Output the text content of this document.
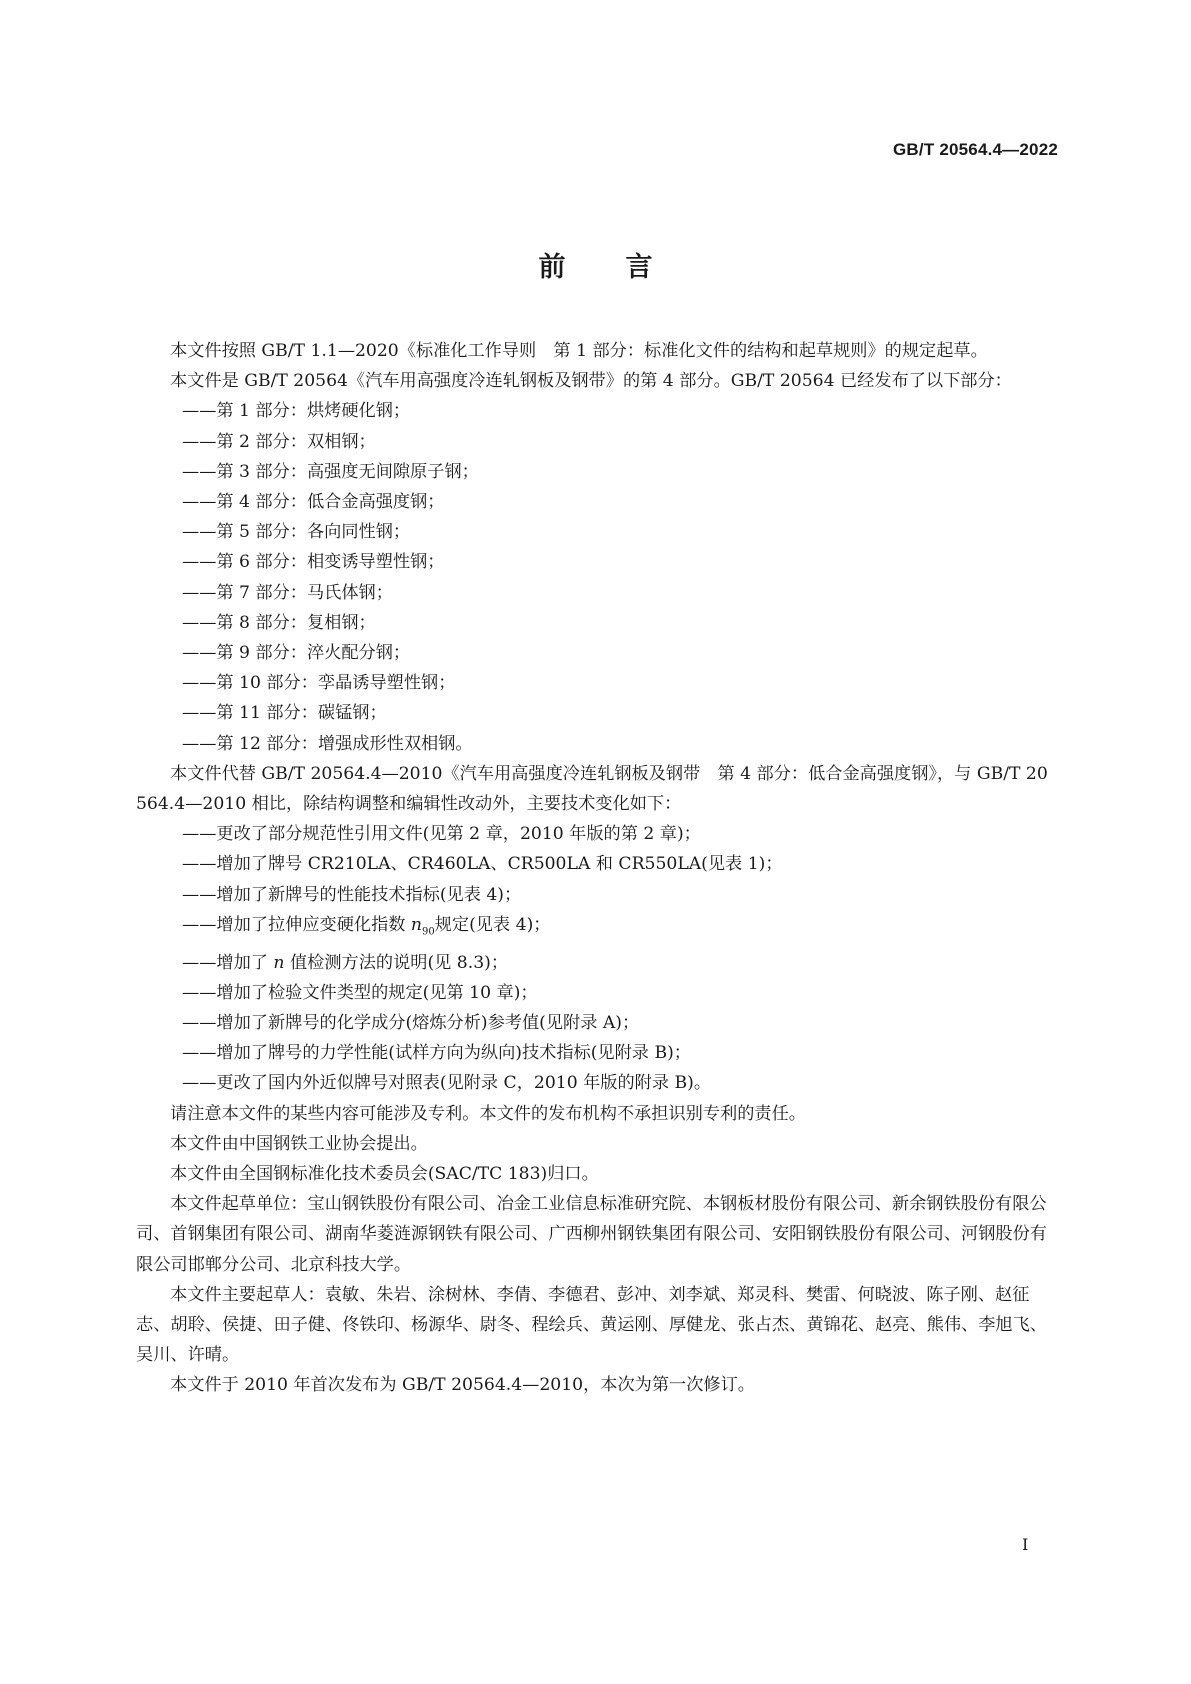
GB/T 20564.4—2022
前言

本文件按照 GB/T 1.1—2020《标准化工作导则　第 1 部分：标准化文件的结构和起草规则》的规定起草。

本文件是 GB/T 20564《汽车用高强度冷连轧钢板及钢带》的第 4 部分。GB/T 20564 已经发布了以下部分：

——第 1 部分：烘烤硬化钢；

——第 2 部分：双相钢；

——第 3 部分：高强度无间隙原子钢；

——第 4 部分：低合金高强度钢；

——第 5 部分：各向同性钢；

——第 6 部分：相变诱导塑性钢；

——第 7 部分：马氏体钢；

——第 8 部分：复相钢；

——第 9 部分：淬火配分钢；

——第 10 部分：孪晶诱导塑性钢；

——第 11 部分：碳锰钢；

——第 12 部分：增强成形性双相钢。

本文件代替 GB/T 20564.4—2010《汽车用高强度冷连轧钢板及钢带　第 4 部分：低合金高强度钢》，与 GB/T 20564.4—2010 相比，除结构调整和编辑性改动外，主要技术变化如下：

——更改了部分规范性引用文件(见第 2 章，2010 年版的第 2 章)；

——增加了牌号 CR210LA、CR460LA、CR500LA 和 CR550LA(见表 1)；

——增加了新牌号的性能技术指标(见表 4)；

——增加了拉伸应变硬化指数 $n_{90}$规定(见表 4)；

——增加了 n 值检测方法的说明(见 8.3)；

——增加了检验文件类型的规定(见第 10 章)；

——增加了新牌号的化学成分(熔炼分析)参考值(见附录 A)；

——增加了牌号的力学性能(试样方向为纵向)技术指标(见附录 B)；

——更改了国内外近似牌号对照表(见附录 C，2010 年版的附录 B)。

请注意本文件的某些内容可能涉及专利。本文件的发布机构不承担识别专利的责任。

本文件由中国钢铁工业协会提出。

本文件由全国钢标准化技术委员会(SAC/TC 183)归口。

本文件起草单位：宝山钢铁股份有限公司、冶金工业信息标准研究院、本钢板材股份有限公司、新余钢铁股份有限公司、首钢集团有限公司、湖南华菱涟源钢铁有限公司、广西柳州钢铁集团有限公司、安阳钢铁股份有限公司、河钢股份有限公司邯郸分公司、北京科技大学。

本文件主要起草人：袁敏、朱岩、涂树林、李倩、李德君、彭冲、刘李斌、郑灵科、樊雷、何晓波、陈子刚、赵征志、胡聆、侯捷、田子健、佟铁印、杨源华、尉冬、程绘兵、黄运刚、厚健龙、张占杰、黄锦花、赵亮、熊伟、李旭飞、吴川、许晴。

本文件于 2010 年首次发布为 GB/T 20564.4—2010，本次为第一次修订。

I
